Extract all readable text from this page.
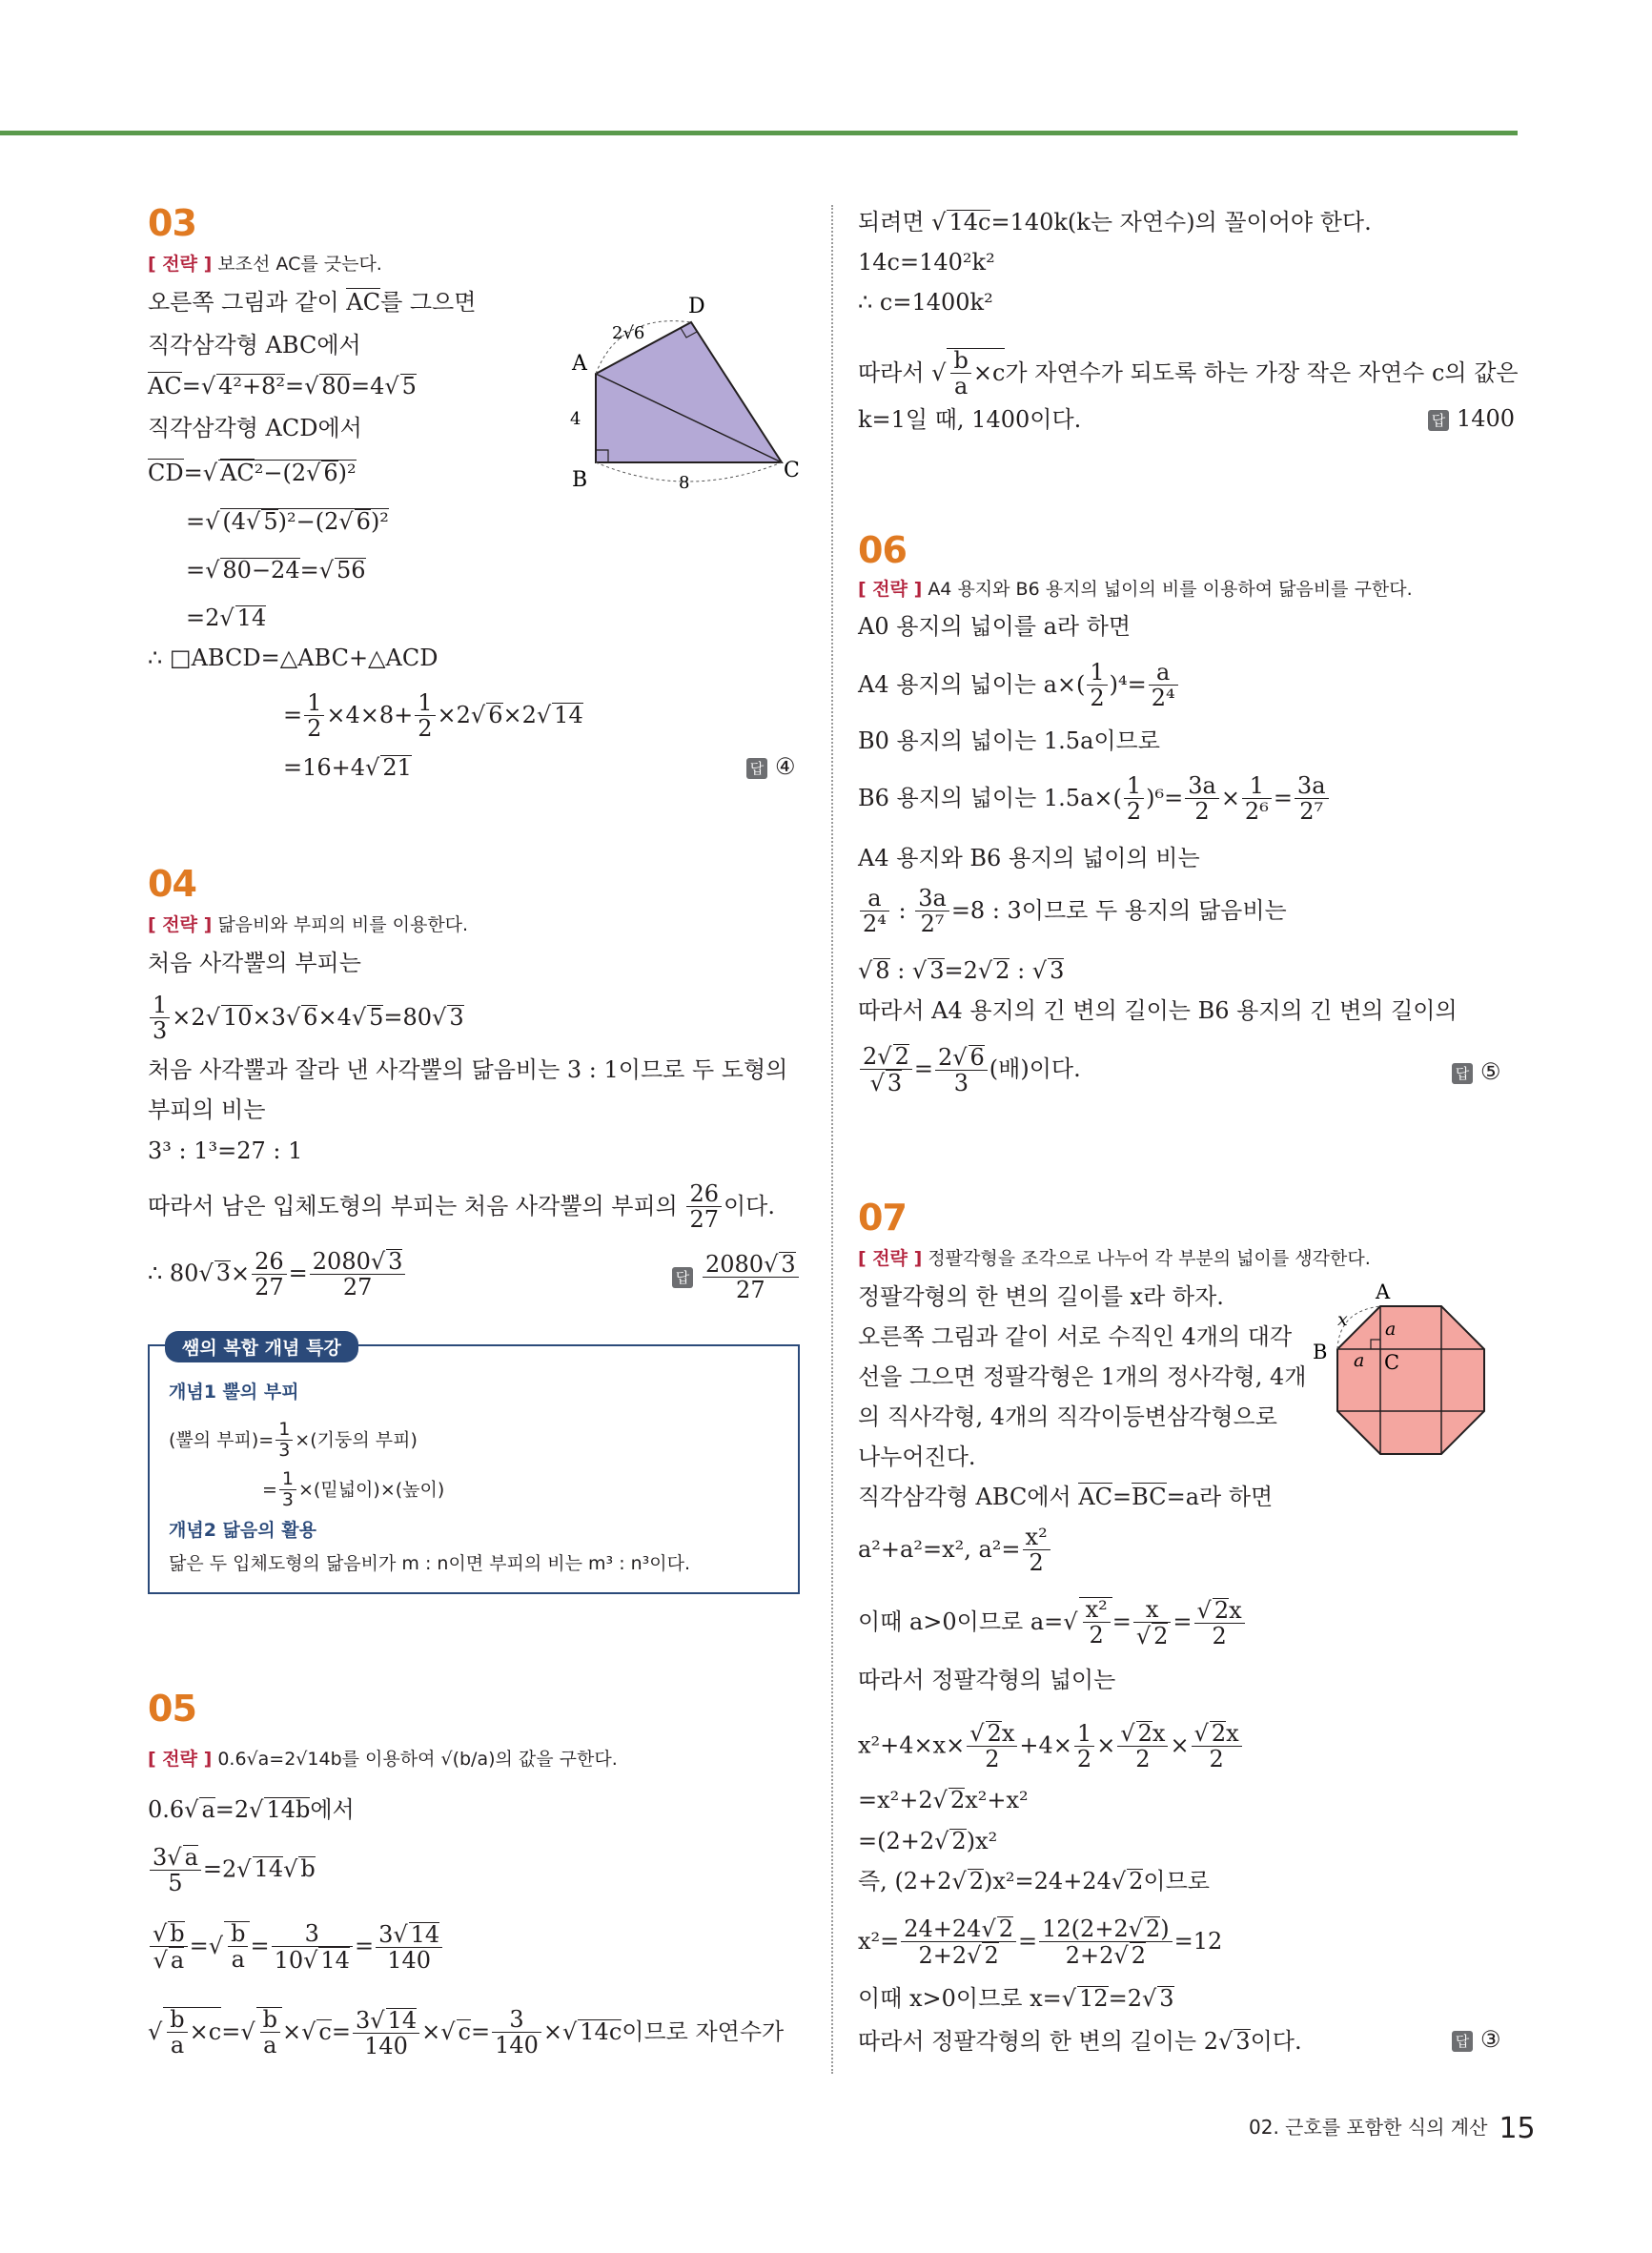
03
[ 전략 ] 보조선 AC를 긋는다.
오른쪽 그림과 같이 AC를 그으면
직각삼각형 ABC에서
AC=√ 4²+8²=√ 80=4√ 5
직각삼각형 ACD에서
CD=√ AC²−(2√ 6)²
=√ (4√ 5)²−(2√ 6)²
=√ 80−24=√ 56
=2√ 14
∴ □ABCD=△ABC+△ACD
= $\frac{1}{2} \times 4\times 8+ \frac{1}{2} \times 2√$ 6×2√ 14
=16+4√ 21	답 ④
A
B	C
D
2√6
4
8
04
[ 전략 ] 닮음비와 부피의 비를 이용한다.
처음 사각뿔의 부피는
$\frac{1}{3} \times 2√$ 10×3√ 6×4√ 5=80√ 3
처음 사각뿔과 잘라 낸 사각뿔의 닮음비는 3 : 1이므로 두 도형의
부피의 비는
3³ : 1³=27 : 1
따라서 남은 입체도형의 부피는 처음 사각뿔의 부피의 $\frac{26}{27}$ 이다.
∴ 80√ $3\times \frac{26}{27} = \frac{2080√ 3}{27}$	답 $\frac{2080√ 3}{27}$
쌤의 복합 개념 특강
개념1 뿔의 부피
(뿔의 부피)= $\frac{1}{3}$ ×(기둥의 부피)
= $\frac{1}{3}$ ×(밑넓이)×(높이)
개념2 닮음의 활용
닮은 두 입체도형의 닮음비가 m : n이면 부피의 비는 m³ : n³이다.
05
[ 전략 ] 0.6√a=2√14b를 이용하여 √(b/a)의 값을 구한다.
0.6√ a=2√ 14b에서
$\frac{3√ a}{5} =2√$ 14√ b
$\frac{√ b}{√ a}$ =√ $\frac{b}{a} = \frac{3}{10√ 14} = \frac{3√ 14}{140}$
√ $\frac{b}{a} \times c=√ \frac{b}{a}$ ×√ $c= \frac{3√ 14}{140}$ ×√ $c= \frac{3}{140}$ ×√ 14c이므로 자연수가
되려면 √ 14c=140k(k는 자연수)의 꼴이어야 한다.
14c=140²k²
∴ c=1400k²
따라서 √ $\frac{b}{a} \times c$가 자연수가 되도록 하는 가장 작은 자연수 c의 값은
k=1일 때, 1400이다.	답 1400
06
[ 전략 ] A4 용지와 B6 용지의 넓이의 비를 이용하여 닮음비를 구한다.
A0 용지의 넓이를 a라 하면
A4 용지의 넓이는 $a\times( \frac{1}{2} )^4= \frac{a}{\text{2⁴}}$
B0 용지의 넓이는 1.5a이므로
B6 용지의 넓이는 $1.5a\times( \frac{1}{2} )^6= \frac{3a}{2} \times \frac{1}{\text{2⁶}} = \frac{3a}{\text{2⁷}}$
A4 용지와 B6 용지의 넓이의 비는
$\frac{a}{\text{2⁴}}$ : $\frac{3a}{\text{2⁷}} =8$ : 3이므로 두 용지의 닮음비는
√ 8 : √ 3=2√ 2 : √ 3
따라서 A4 용지의 긴 변의 길이는 B6 용지의 긴 변의 길이의
$\frac{2√ 2}{√ 3} = \frac{2√ 6}{3}$ (배)이다.	답 ⑤
07
[ 전략 ] 정팔각형을 조각으로 나누어 각 부분의 넓이를 생각한다.
정팔각형의 한 변의 길이를 x라 하자.
오른쪽 그림과 같이 서로 수직인 4개의 대각
선을 그으면 정팔각형은 1개의 정사각형, 4개
의 직사각형, 4개의 직각이등변삼각형으로
나누어진다.
직각삼각형 ABC에서 AC=BC=a라 하면
a²+a²=x², $a^2= \frac{\text{x²}}{2}$
이때 a>0이므로 $a=√ \frac{\text{x²}}{2} = \frac{x}{√ 2} = \frac{√ 2x}{2}$
따라서 정팔각형의 넓이는
$x^2+4\times x\times \frac{√ 2x}{2} +4\times \frac{1}{2} \times \frac{√ 2x}{2} \times \frac{√ 2x}{2}$
=x²+2√ 2x²+x²
=(2+2√ 2)x²
즉, (2+2√ 2)x²=24+24√ 2이므로
$x^2= \frac{24+24√ 2}{2+2√ 2} = \frac{12(2+2√ 2)}{2+2√ 2} =12$
이때 x>0이므로 x=√ 12=2√ 3
따라서 정팔각형의 한 변의 길이는 2√ 3이다.	답 ③
A
B	C
x a
a
02. 근호를 포함한 식의 계산 15
